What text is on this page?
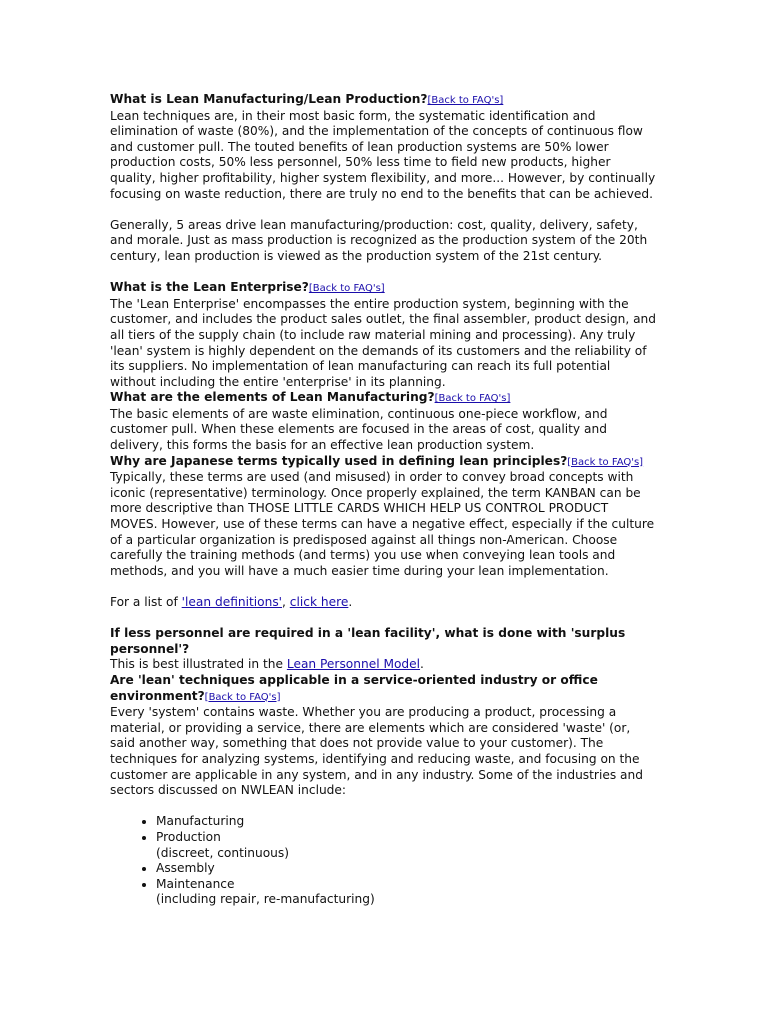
What is Lean Manufacturing/Lean Production?[Back to FAQ's]
Lean techniques are, in their most basic form, the systematic identification and elimination of waste (80%), and the implementation of the concepts of continuous flow and customer pull. The touted benefits of lean production systems are 50% lower production costs, 50% less personnel, 50% less time to field new products, higher quality, higher profitability, higher system flexibility, and more... However, by continually focusing on waste reduction, there are truly no end to the benefits that can be achieved.
Generally, 5 areas drive lean manufacturing/production: cost, quality, delivery, safety, and morale. Just as mass production is recognized as the production system of the 20th century, lean production is viewed as the production system of the 21st century.
What is the Lean Enterprise?[Back to FAQ's]
The 'Lean Enterprise' encompasses the entire production system, beginning with the customer, and includes the product sales outlet, the final assembler, product design, and all tiers of the supply chain (to include raw material mining and processing). Any truly 'lean' system is highly dependent on the demands of its customers and the reliability of its suppliers. No implementation of lean manufacturing can reach its full potential without including the entire 'enterprise' in its planning.
What are the elements of Lean Manufacturing?[Back to FAQ's]
The basic elements of are waste elimination, continuous one-piece workflow, and customer pull. When these elements are focused in the areas of cost, quality and delivery, this forms the basis for an effective lean production system.
Why are Japanese terms typically used in defining lean principles?[Back to FAQ's]
Typically, these terms are used (and misused) in order to convey broad concepts with iconic (representative) terminology. Once properly explained, the term KANBAN can be more descriptive than THOSE LITTLE CARDS WHICH HELP US CONTROL PRODUCT MOVES. However, use of these terms can have a negative effect, especially if the culture of a particular organization is predisposed against all things non-American. Choose carefully the training methods (and terms) you use when conveying lean tools and methods, and you will have a much easier time during your lean implementation.
For a list of 'lean definitions', click here.
If less personnel are required in a 'lean facility', what is done with 'surplus personnel'?
This is best illustrated in the Lean Personnel Model.
Are 'lean' techniques applicable in a service-oriented industry or office environment?[Back to FAQ's]
Every 'system' contains waste. Whether you are producing a product, processing a material, or providing a service, there are elements which are considered 'waste' (or, said another way, something that does not provide value to your customer). The techniques for analyzing systems, identifying and reducing waste, and focusing on the customer are applicable in any system, and in any industry. Some of the industries and sectors discussed on NWLEAN include:
• Manufacturing
• Production
(discreet, continuous)
• Assembly
• Maintenance
(including repair, re-manufacturing)
